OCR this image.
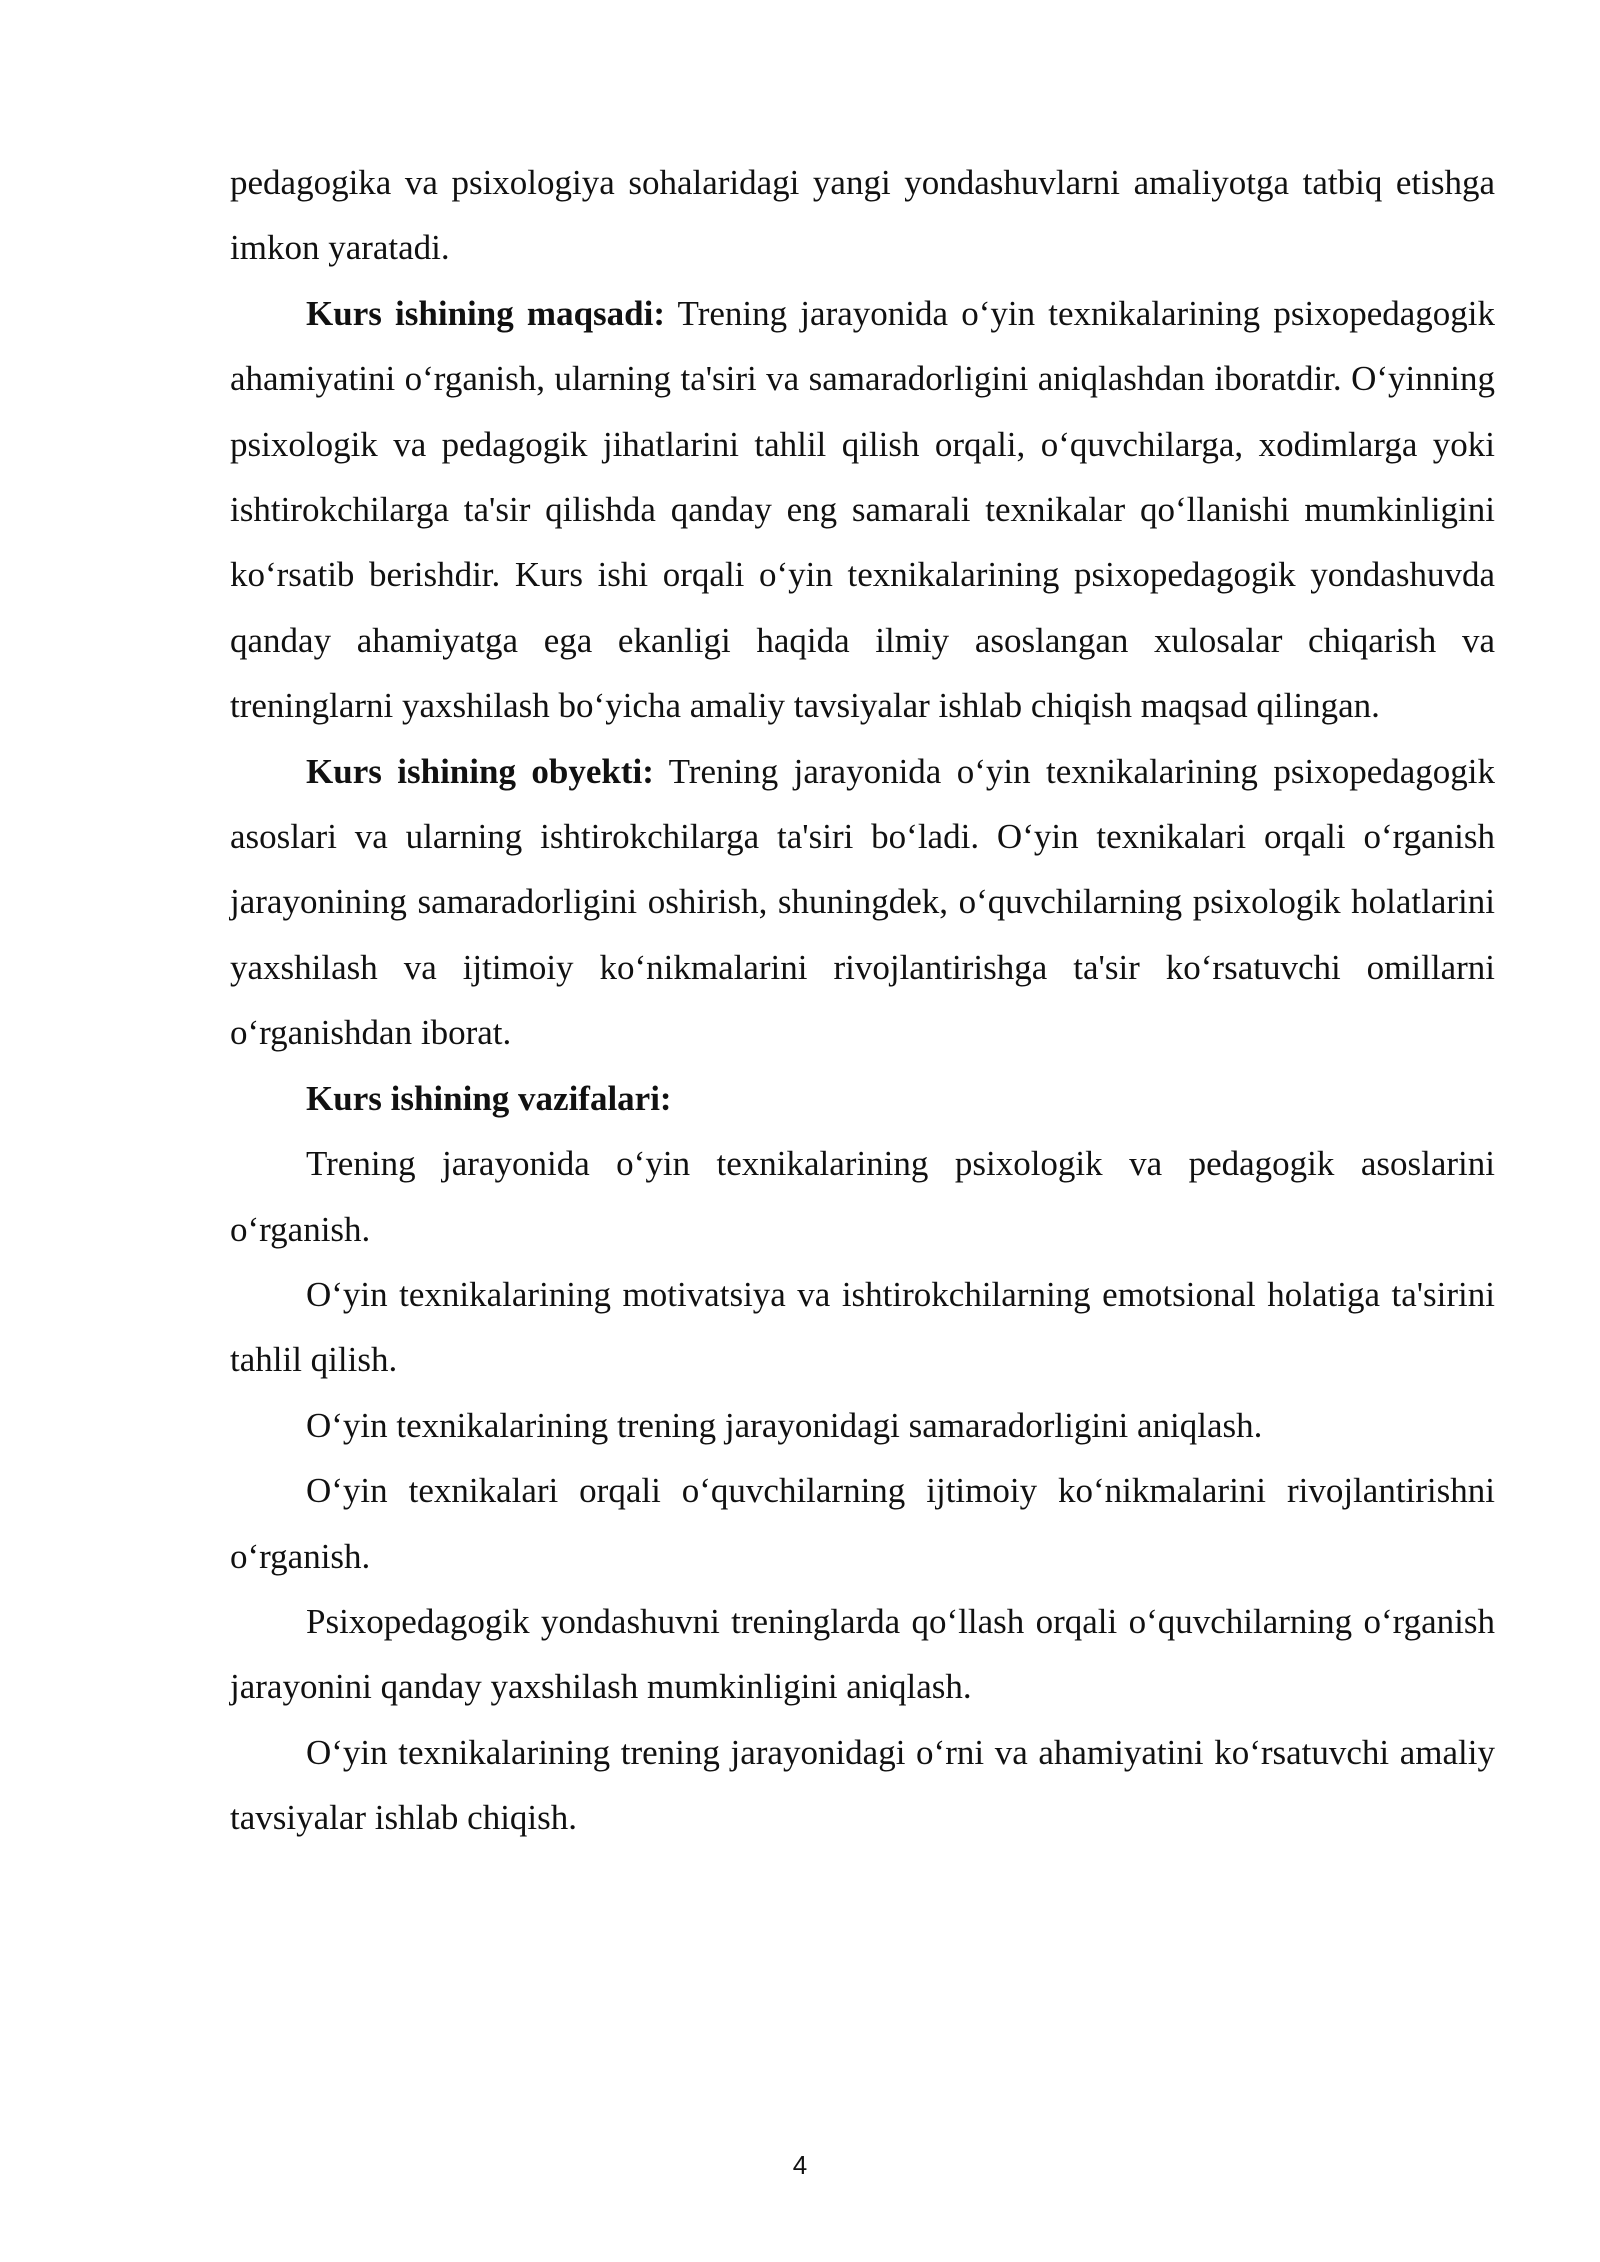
pedagogika va psixologiya sohalaridagi yangi yondashuvlarni amaliyotga tatbiq etishga imkon yaratadi.

Kurs ishining maqsadi: Trening jarayonida oʻyin texnikalarining psixopedagogik ahamiyatini oʻrganish, ularning ta'siri va samaradorligini aniqlashdan iboratdir. Oʻyinning psixologik va pedagogik jihatlarini tahlil qilish orqali, oʻquvchilarga, xodimlarga yoki ishtirokchilarga ta'sir qilishda qanday eng samarali texnikalar qoʻllanishi mumkinligini koʻrsatib berishdir. Kurs ishi orqali oʻyin texnikalarining psixopedagogik yondashuvda qanday ahamiyatga ega ekanligi haqida ilmiy asoslangan xulosalar chiqarish va treninglarni yaxshilash boʻyicha amaliy tavsiyalar ishlab chiqish maqsad qilingan.

Kurs ishining obyekti: Trening jarayonida oʻyin texnikalarining psixopedagogik asoslari va ularning ishtirokchilarga ta'siri boʻladi. Oʻyin texnikalari orqali oʻrganish jarayonining samaradorligini oshirish, shuningdek, oʻquvchilarning psixologik holatlarini yaxshilash va ijtimoiy koʻnikmalarini rivojlantirishga ta'sir koʻrsatuvchi omillarni oʻrganishdan iborat.

Kurs ishining vazifalari:

Trening jarayonida oʻyin texnikalarining psixologik va pedagogik asoslarini oʻrganish.

Oʻyin texnikalarining motivatsiya va ishtirokchilarning emotsional holatiga ta'sirini tahlil qilish.

Oʻyin texnikalarining trening jarayonidagi samaradorligini aniqlash.

Oʻyin texnikalari orqali oʻquvchilarning ijtimoiy koʻnikmalarini rivojlantirishni oʻrganish.

Psixopedagogik yondashuvni treninglarda qoʻllash orqali oʻquvchilarning oʻrganish jarayonini qanday yaxshilash mumkinligini aniqlash.

Oʻyin texnikalarining trening jarayonidagi oʻrni va ahamiyatini koʻrsatuvchi amaliy tavsiyalar ishlab chiqish.

4
